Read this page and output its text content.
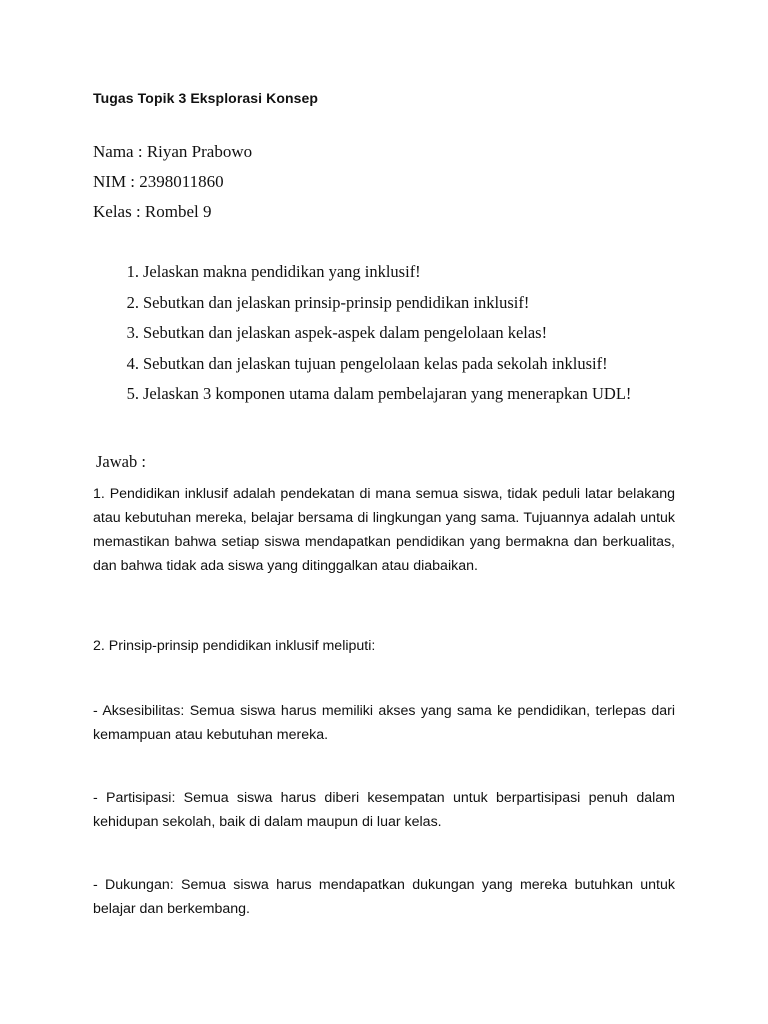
Tugas Topik 3 Eksplorasi Konsep
Nama : Riyan Prabowo
NIM : 2398011860
Kelas : Rombel 9
1. Jelaskan makna pendidikan yang inklusif!
2. Sebutkan dan jelaskan prinsip-prinsip pendidikan inklusif!
3. Sebutkan dan jelaskan aspek-aspek dalam pengelolaan kelas!
4. Sebutkan dan jelaskan tujuan pengelolaan kelas pada sekolah inklusif!
5. Jelaskan 3 komponen utama dalam pembelajaran yang menerapkan UDL!
Jawab :

1. Pendidikan inklusif adalah pendekatan di mana semua siswa, tidak peduli latar belakang atau kebutuhan mereka, belajar bersama di lingkungan yang sama. Tujuannya adalah untuk memastikan bahwa setiap siswa mendapatkan pendidikan yang bermakna dan berkualitas, dan bahwa tidak ada siswa yang ditinggalkan atau diabaikan.

2. Prinsip-prinsip pendidikan inklusif meliputi:

- Aksesibilitas: Semua siswa harus memiliki akses yang sama ke pendidikan, terlepas dari kemampuan atau kebutuhan mereka.

- Partisipasi: Semua siswa harus diberi kesempatan untuk berpartisipasi penuh dalam kehidupan sekolah, baik di dalam maupun di luar kelas.

- Dukungan: Semua siswa harus mendapatkan dukungan yang mereka butuhkan untuk belajar dan berkembang.
